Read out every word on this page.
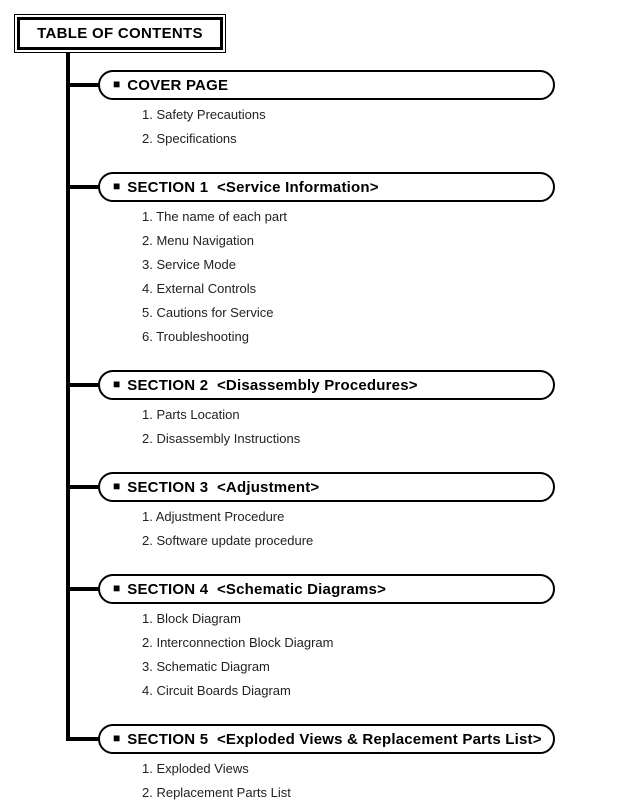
TABLE OF CONTENTS
■ COVER PAGE
1. Safety Precautions
2. Specifications
■ SECTION 1  <Service Information>
1. The name of each part
2. Menu Navigation
3. Service Mode
4. External Controls
5. Cautions for Service
6. Troubleshooting
■ SECTION 2  <Disassembly Procedures>
1. Parts Location
2. Disassembly Instructions
■ SECTION 3  <Adjustment>
1. Adjustment Procedure
2. Software update procedure
■ SECTION 4  <Schematic Diagrams>
1. Block Diagram
2. Interconnection Block Diagram
3. Schematic Diagram
4. Circuit Boards Diagram
■ SECTION 5  <Exploded Views & Replacement Parts List>
1. Exploded Views
2. Replacement Parts List
